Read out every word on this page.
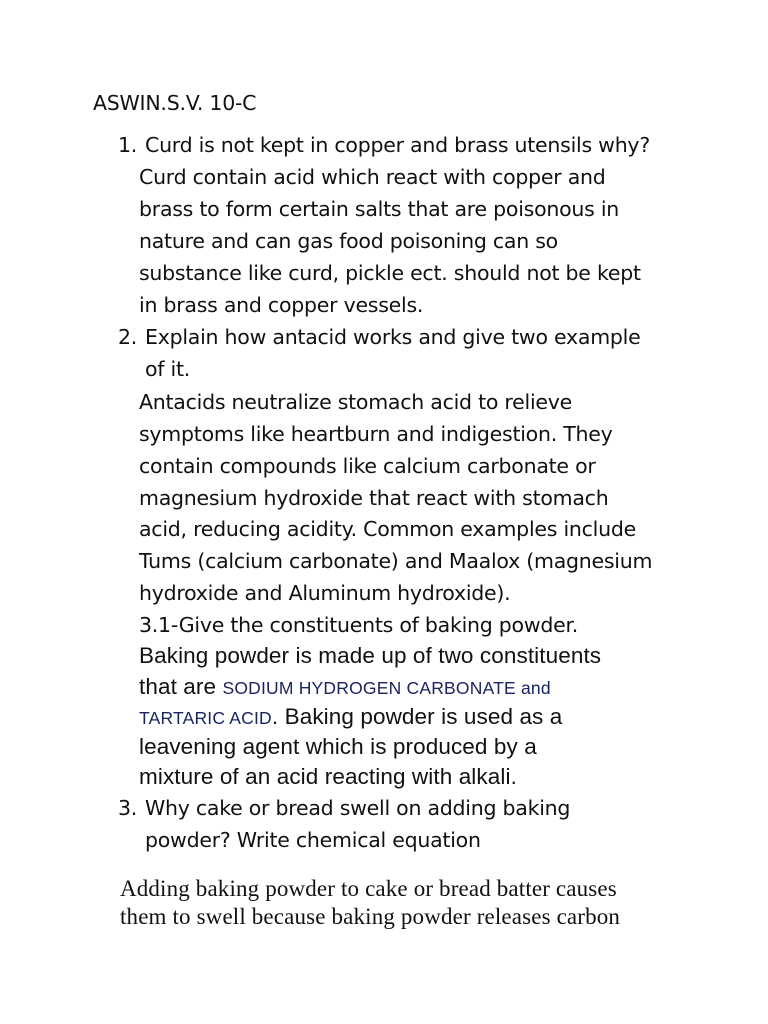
ASWIN.S.V. 10-C

1. Curd is not kept in copper and brass utensils why?

Curd contain acid which react with copper and

brass to form certain salts that are poisonous in

nature and can gas food poisoning can so

substance like curd, pickle ect. should not be kept

in brass and copper vessels.

2. Explain how antacid works and give two example

of it.

Antacids neutralize stomach acid to relieve

symptoms like heartburn and indigestion. They

contain compounds like calcium carbonate or

magnesium hydroxide that react with stomach

acid, reducing acidity. Common examples include

Tums (calcium carbonate) and Maalox (magnesium

hydroxide and Aluminum hydroxide).

3.1-Give the constituents of baking powder.

Baking powder is made up of two constituents

that are SODIUM HYDROGEN CARBONATE and

TARTARIC ACID. Baking powder is used as a

leavening agent which is produced by a

mixture of an acid reacting with alkali.

3. Why cake or bread swell on adding baking

powder? Write chemical equation

Adding baking powder to cake or bread batter causes

them to swell because baking powder releases carbon
